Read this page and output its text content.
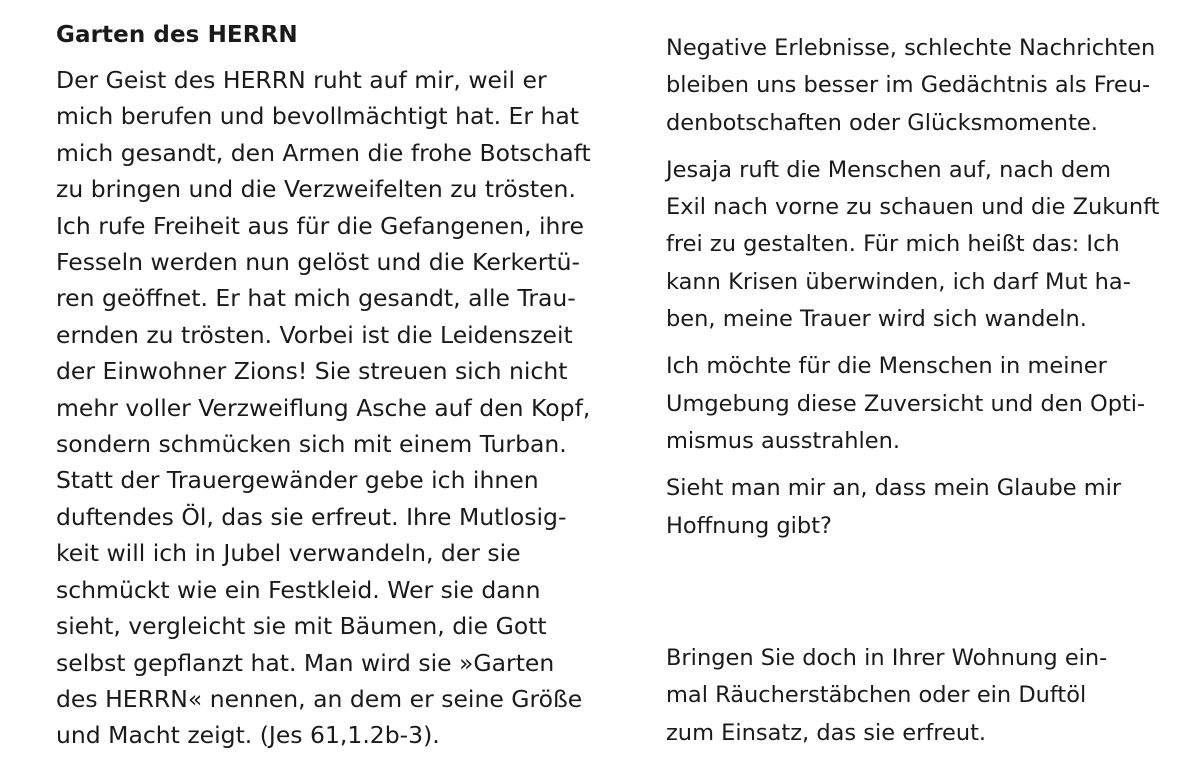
Garten des HERRN
Der Geist des HERRN ruht auf mir, weil er
mich berufen und bevollmächtigt hat. Er hat
mich gesandt, den Armen die frohe Botschaft
zu bringen und die Verzweifelten zu trösten.
Ich rufe Freiheit aus für die Gefangenen, ihre
Fesseln werden nun gelöst und die Kerkertü-
ren geöffnet. Er hat mich gesandt, alle Trau-
ernden zu trösten. Vorbei ist die Leidenszeit
der Einwohner Zions! Sie streuen sich nicht
mehr voller Verzweiflung Asche auf den Kopf,
sondern schmücken sich mit einem Turban.
Statt der Trauergewänder gebe ich ihnen
duftendes Öl, das sie erfreut. Ihre Mutlosig-
keit will ich in Jubel verwandeln, der sie
schmückt wie ein Festkleid. Wer sie dann
sieht, vergleicht sie mit Bäumen, die Gott
selbst gepflanzt hat. Man wird sie »Garten
des HERRN« nennen, an dem er seine Größe
und Macht zeigt. (Jes 61,1.2b-3).
Negative Erlebnisse, schlechte Nachrichten
bleiben uns besser im Gedächtnis als Freu-
denbotschaften oder Glücksmomente.
Jesaja ruft die Menschen auf, nach dem
Exil nach vorne zu schauen und die Zukunft
frei zu gestalten. Für mich heißt das: Ich
kann Krisen überwinden, ich darf Mut ha-
ben, meine Trauer wird sich wandeln.
Ich möchte für die Menschen in meiner
Umgebung diese Zuversicht und den Opti-
mismus ausstrahlen.
Sieht man mir an, dass mein Glaube mir
Hoffnung gibt?
Bringen Sie doch in Ihrer Wohnung ein-
mal Räucherstäbchen oder ein Duftöl
zum Einsatz, das sie erfreut.
